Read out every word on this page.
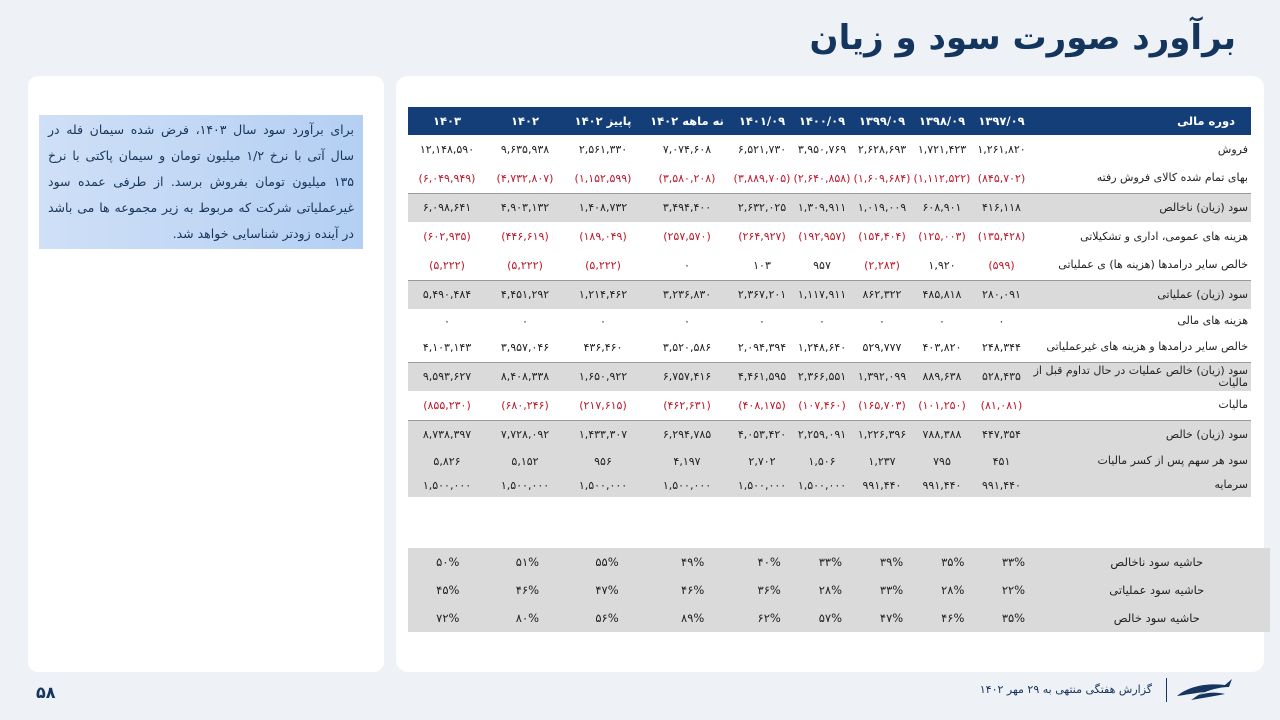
برآورد صورت سود و زیان
برای برآورد سود سال ۱۴۰۳، فرض شده سیمان فله در سال آتی با نرخ ۱/۲ میلیون تومان و سیمان پاکتی با نرخ ۱۳۵ میلیون تومان بفروش برسد. از طرفی عمده سود غیرعملیاتی شرکت که مربوط به زیر مجموعه ها می باشد در آینده زودتر شناسایی خواهد شد.
دوره مالی	۱۳۹۷/۰۹	۱۳۹۸/۰۹	۱۳۹۹/۰۹	۱۴۰۰/۰۹	۱۴۰۱/۰۹	نه ماهه ۱۴۰۲	پاییز ۱۴۰۲	۱۴۰۲	۱۴۰۳
فروش	۱,۲۶۱,۸۲۰	۱,۷۲۱,۴۲۳	۲,۶۲۸,۶۹۳	۳,۹۵۰,۷۶۹	۶,۵۲۱,۷۳۰	۷,۰۷۴,۶۰۸	۲,۵۶۱,۳۳۰	۹,۶۳۵,۹۳۸	۱۲,۱۴۸,۵۹۰
بهای تمام شده کالای فروش رفته	(۸۴۵,۷۰۲)	(۱,۱۱۲,۵۲۲)	(۱,۶۰۹,۶۸۴)	(۲,۶۴۰,۸۵۸)	(۳,۸۸۹,۷۰۵)	(۳,۵۸۰,۲۰۸)	(۱,۱۵۲,۵۹۹)	(۴,۷۳۲,۸۰۷)	(۶,۰۴۹,۹۴۹)
سود (زیان) ناخالص	۴۱۶,۱۱۸	۶۰۸,۹۰۱	۱,۰۱۹,۰۰۹	۱,۳۰۹,۹۱۱	۲,۶۳۲,۰۲۵	۳,۴۹۴,۴۰۰	۱,۴۰۸,۷۳۲	۴,۹۰۳,۱۳۲	۶,۰۹۸,۶۴۱
هزینه های عمومی، اداری و تشکیلاتی	(۱۳۵,۴۲۸)	(۱۲۵,۰۰۳)	(۱۵۴,۴۰۴)	(۱۹۲,۹۵۷)	(۲۶۴,۹۲۷)	(۲۵۷,۵۷۰)	(۱۸۹,۰۴۹)	(۴۴۶,۶۱۹)	(۶۰۲,۹۳۵)
خالص سایر درامدها (هزینه ها) ی عملیاتی	(۵۹۹)	۱,۹۲۰	(۲,۲۸۳)	۹۵۷	۱۰۳	۰	(۵,۲۲۲)	(۵,۲۲۲)	(۵,۲۲۲)
سود (زیان) عملیاتی	۲۸۰,۰۹۱	۴۸۵,۸۱۸	۸۶۲,۳۲۲	۱,۱۱۷,۹۱۱	۲,۳۶۷,۲۰۱	۳,۲۳۶,۸۳۰	۱,۲۱۴,۴۶۲	۴,۴۵۱,۲۹۲	۵,۴۹۰,۴۸۴
هزینه های مالی	۰	۰	۰	۰	۰	۰	۰	۰	۰
خالص سایر درامدها و هزینه های غیرعملیاتی	۲۴۸,۳۴۴	۴۰۳,۸۲۰	۵۲۹,۷۷۷	۱,۲۴۸,۶۴۰	۲,۰۹۴,۳۹۴	۳,۵۲۰,۵۸۶	۴۳۶,۴۶۰	۳,۹۵۷,۰۴۶	۴,۱۰۳,۱۴۳
سود (زیان) خالص عملیات در حال تداوم قبل از مالیات	۵۲۸,۴۳۵	۸۸۹,۶۳۸	۱,۳۹۲,۰۹۹	۲,۳۶۶,۵۵۱	۴,۴۶۱,۵۹۵	۶,۷۵۷,۴۱۶	۱,۶۵۰,۹۲۲	۸,۴۰۸,۳۳۸	۹,۵۹۳,۶۲۷
مالیات	(۸۱,۰۸۱)	(۱۰۱,۲۵۰)	(۱۶۵,۷۰۳)	(۱۰۷,۴۶۰)	(۴۰۸,۱۷۵)	(۴۶۲,۶۳۱)	(۲۱۷,۶۱۵)	(۶۸۰,۲۴۶)	(۸۵۵,۲۳۰)
سود (زیان) خالص	۴۴۷,۳۵۴	۷۸۸,۳۸۸	۱,۲۲۶,۳۹۶	۲,۲۵۹,۰۹۱	۴,۰۵۳,۴۲۰	۶,۲۹۴,۷۸۵	۱,۴۳۳,۳۰۷	۷,۷۲۸,۰۹۲	۸,۷۳۸,۳۹۷
سود هر سهم پس از کسر مالیات	۴۵۱	۷۹۵	۱,۲۳۷	۱,۵۰۶	۲,۷۰۲	۴,۱۹۷	۹۵۶	۵,۱۵۲	۵,۸۲۶
سرمایه	۹۹۱,۴۴۰	۹۹۱,۴۴۰	۹۹۱,۴۴۰	۱,۵۰۰,۰۰۰	۱,۵۰۰,۰۰۰	۱,۵۰۰,۰۰۰	۱,۵۰۰,۰۰۰	۱,۵۰۰,۰۰۰	۱,۵۰۰,۰۰۰
حاشیه سود ناخالص	۳۳%	۳۵%	۳۹%	۳۳%	۴۰%	۴۹%	۵۵%	۵۱%	۵۰%
حاشیه سود عملیاتی	۲۲%	۲۸%	۳۳%	۲۸%	۳۶%	۴۶%	۴۷%	۴۶%	۴۵%
حاشیه سود خالص	۳۵%	۴۶%	۴۷%	۵۷%	۶۲%	۸۹%	۵۶%	۸۰%	۷۲%
۵۸	گزارش هفتگی منتهی به ۲۹ مهر ۱۴۰۲
